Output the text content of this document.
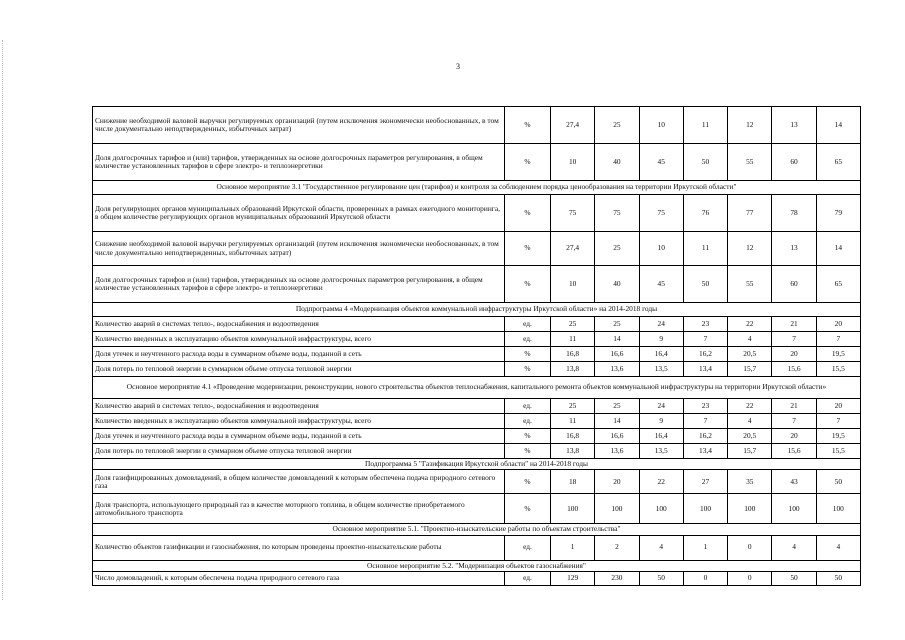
3
Снижение необходимой валовой выручки регулируемых организаций (путем исключения экономически необоснованных, в том числе документально неподтвержденных, избыточных затрат)	%	27,4	25	10	11	12	13	14
Доля долгосрочных тарифов и (или) тарифов, утвержденных на основе долгосрочных параметров регулирования, в общем количестве установленных тарифов в сфере электро- и теплоэнергетики	%	10	40	45	50	55	60	65
Основное мероприятие 3.1 "Государственное регулирование цен (тарифов) и контроля за соблюдением порядка ценообразования на территории Иркутской области"								
Доля регулирующих органов муниципальных образований Иркутской области, проверенных в рамках ежегодного мониторинга, в общем количестве регулирующих органов муниципальных образований Иркутской области	%	75	75	75	76	77	78	79
Снижение необходимой валовой выручки регулируемых организаций (путем исключения экономически необоснованных, в том числе документально неподтвержденных, избыточных затрат)	%	27,4	25	10	11	12	13	14
Доля долгосрочных тарифов и (или) тарифов, утвержденных на основе долгосрочных параметров регулирования, в общем количестве установленных тарифов в сфере электро- и теплоэнергетики	%	10	40	45	50	55	60	65
Подпрограмма 4 «Модернизация объектов коммунальной инфраструктуры Иркутской области» на 2014-2018 годы								
Количество аварий в системах тепло-, водоснабжения и водоотведения	ед.	25	25	24	23	22	21	20
Количество введенных в эксплуатацию объектов коммунальной инфраструктуры, всего	ед.	11	14	9	7	4	7	7
Доля утечек и неучтенного расхода воды в суммарном объеме воды, поданной в сеть	%	16,8	16,6	16,4	16,2	20,5	20	19,5
Доля потерь по тепловой энергии в суммарном объеме отпуска тепловой энергии	%	13,8	13,6	13,5	13,4	15,7	15,6	15,5
Основное мероприятие 4.1 «Проведение модернизации, реконструкции, нового строительства объектов теплоснабжения, капитального ремонта объектов коммунальной инфраструктуры на территории Иркутской области»								
Количество аварий в системах тепло-, водоснабжения и водоотведения	ед.	25	25	24	23	22	21	20
Количество введенных в эксплуатацию объектов коммунальной инфраструктуры, всего	ед.	11	14	9	7	4	7	7
Доля утечек и неучтенного расхода воды в суммарном объеме воды, поданной в сеть	%	16,8	16,6	16,4	16,2	20,5	20	19,5
Доля потерь по тепловой энергии в суммарном объеме отпуска тепловой энергии	%	13,8	13,6	13,5	13,4	15,7	15,6	15,5
Подпрограмма 5 "Газификация Иркутской области" на 2014-2018 годы								
Доля газифицированных домовладений, в общем количестве домовладений к которым обеспечена подача природного сетевого газа	%	18	20	22	27	35	43	50
Доля транспорта, использующего природный газ в качестве моторного топлива, в общем количестве приобретаемого автомобильного транспорта	%	100	100	100	100	100	100	100
Основное мероприятие 5.1. "Проектно-изыскательские работы по объектам строительства"								
Количество объектов газификации и газоснабжения, по которым проведены проектно-изыскательские работы	ед.	1	2	4	1	0	4	4
Основное мероприятие 5.2. "Модернизация объектов газоснабжения"								
Число домовладений, к которым обеспечена подача природного сетевого газа	ед.	129	230	50	0	0	50	50
